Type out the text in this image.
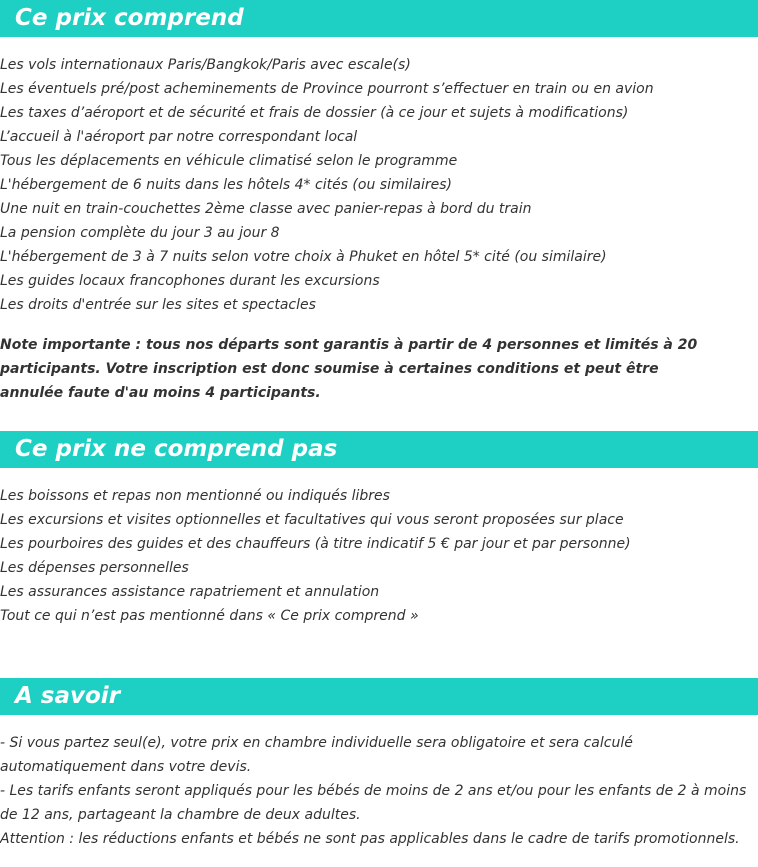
Ce prix comprend
Les vols internationaux Paris/Bangkok/Paris avec escale(s)
Les éventuels pré/post acheminements de Province pourront s’effectuer en train ou en avion
Les taxes d’aéroport et de sécurité et frais de dossier (à ce jour et sujets à modifications)
L’accueil à l'aéroport par notre correspondant local
Tous les déplacements en véhicule climatisé selon le programme
L'hébergement de 6 nuits dans les hôtels 4* cités (ou similaires)
Une nuit en train-couchettes 2ème classe avec panier-repas à bord du train
La pension complète du jour 3 au jour 8
L'hébergement de 3 à 7 nuits selon votre choix à Phuket en hôtel 5* cité (ou similaire)
Les guides locaux francophones durant les excursions
Les droits d'entrée sur les sites et spectacles

Note importante : tous nos départs sont garantis à partir de 4 personnes et limités à 20 participants. Votre inscription est donc soumise à certaines conditions et peut être annulée faute d'au moins 4 participants.

Ce prix ne comprend pas
Les boissons et repas non mentionné ou indiqués libres
Les excursions et visites optionnelles et facultatives qui vous seront proposées sur place
Les pourboires des guides et des chauffeurs (à titre indicatif 5 € par jour et par personne)
Les dépenses personnelles
Les assurances assistance rapatriement et annulation
Tout ce qui n’est pas mentionné dans « Ce prix comprend »
A savoir
- Si vous partez seul(e), votre prix en chambre individuelle sera obligatoire et sera calculé automatiquement dans votre devis.
- Les tarifs enfants seront appliqués pour les bébés de moins de 2 ans et/ou pour les enfants de 2 à moins de 12 ans, partageant la chambre de deux adultes.
Attention : les réductions enfants et bébés ne sont pas applicables dans le cadre de tarifs promotionnels.
